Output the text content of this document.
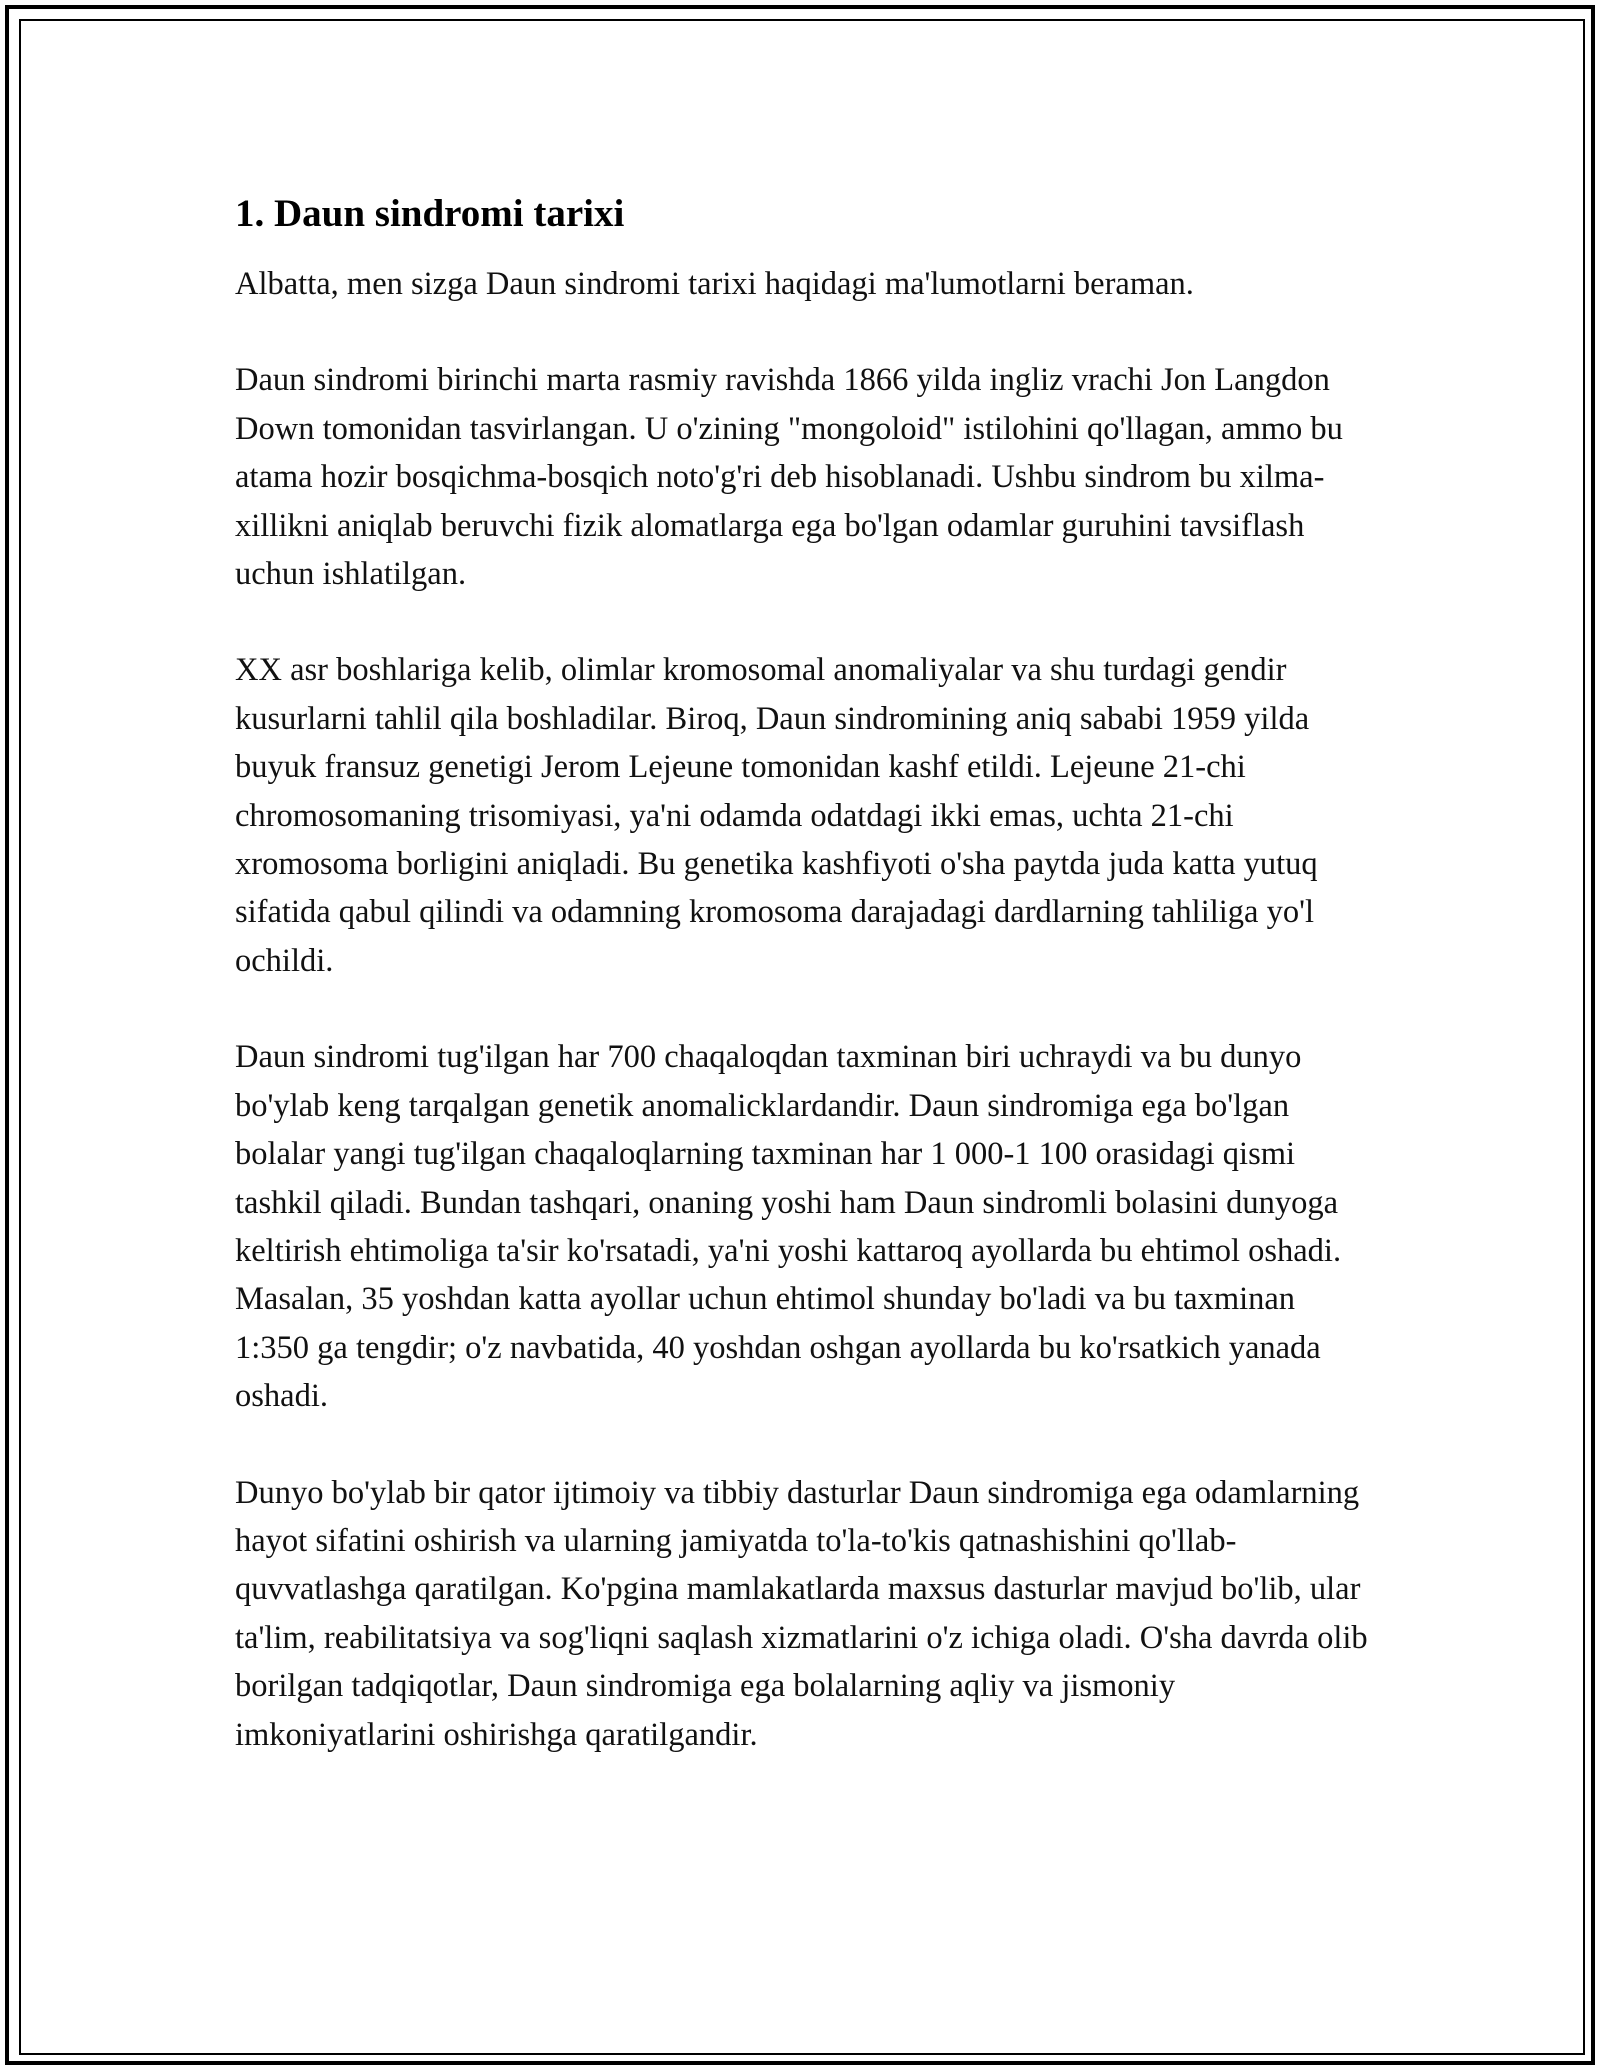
1. Daun sindromi tarixi

Albatta, men sizga Daun sindromi tarixi haqidagi ma'lumotlarni beraman.

Daun sindromi birinchi marta rasmiy ravishda 1866 yilda ingliz vrachi Jon Langdon Down tomonidan tasvirlangan. U o'zining "mongoloid" istilohini qo'llagan, ammo bu atama hozir bosqichma-bosqich noto'g'ri deb hisoblanadi. Ushbu sindrom bu xilma-xillikni aniqlab beruvchi fizik alomatlarga ega bo'lgan odamlar guruhini tavsiflash uchun ishlatilgan.

XX asr boshlariga kelib, olimlar kromosomal anomaliyalar va shu turdagi gendir kusurlarni tahlil qila boshladilar. Biroq, Daun sindromining aniq sababi 1959 yilda buyuk fransuz genetigi Jerom Lejeune tomonidan kashf etildi. Lejeune 21-chi chromosomaning trisomiyasi, ya'ni odamda odatdagi ikki emas, uchta 21-chi xromosoma borligini aniqladi. Bu genetika kashfiyoti o'sha paytda juda katta yutuq sifatida qabul qilindi va odamning kromosoma darajadagi dardlarning tahliliga yo'l ochildi.

Daun sindromi tug'ilgan har 700 chaqaloqdan taxminan biri uchraydi va bu dunyo bo'ylab keng tarqalgan genetik anomalicklardandir. Daun sindromiga ega bo'lgan bolalar yangi tug'ilgan chaqaloqlarning taxminan har 1 000-1 100 orasidagi qismi tashkil qiladi. Bundan tashqari, onaning yoshi ham Daun sindromli bolasini dunyoga keltirish ehtimoliga ta'sir ko'rsatadi, ya'ni yoshi kattaroq ayollarda bu ehtimol oshadi. Masalan, 35 yoshdan katta ayollar uchun ehtimol shunday bo'ladi va bu taxminan 1:350 ga tengdir; o'z navbatida, 40 yoshdan oshgan ayollarda bu ko'rsatkich yanada oshadi.

Dunyo bo'ylab bir qator ijtimoiy va tibbiy dasturlar Daun sindromiga ega odamlarning hayot sifatini oshirish va ularning jamiyatda to'la-to'kis qatnashishini qo'llab-quvvatlashga qaratilgan. Ko'pgina mamlakatlarda maxsus dasturlar mavjud bo'lib, ular ta'lim, reabilitatsiya va sog'liqni saqlash xizmatlarini o'z ichiga oladi. O'sha davrda olib borilgan tadqiqotlar, Daun sindromiga ega bolalarning aqliy va jismoniy imkoniyatlarini oshirishga qaratilgandir.
